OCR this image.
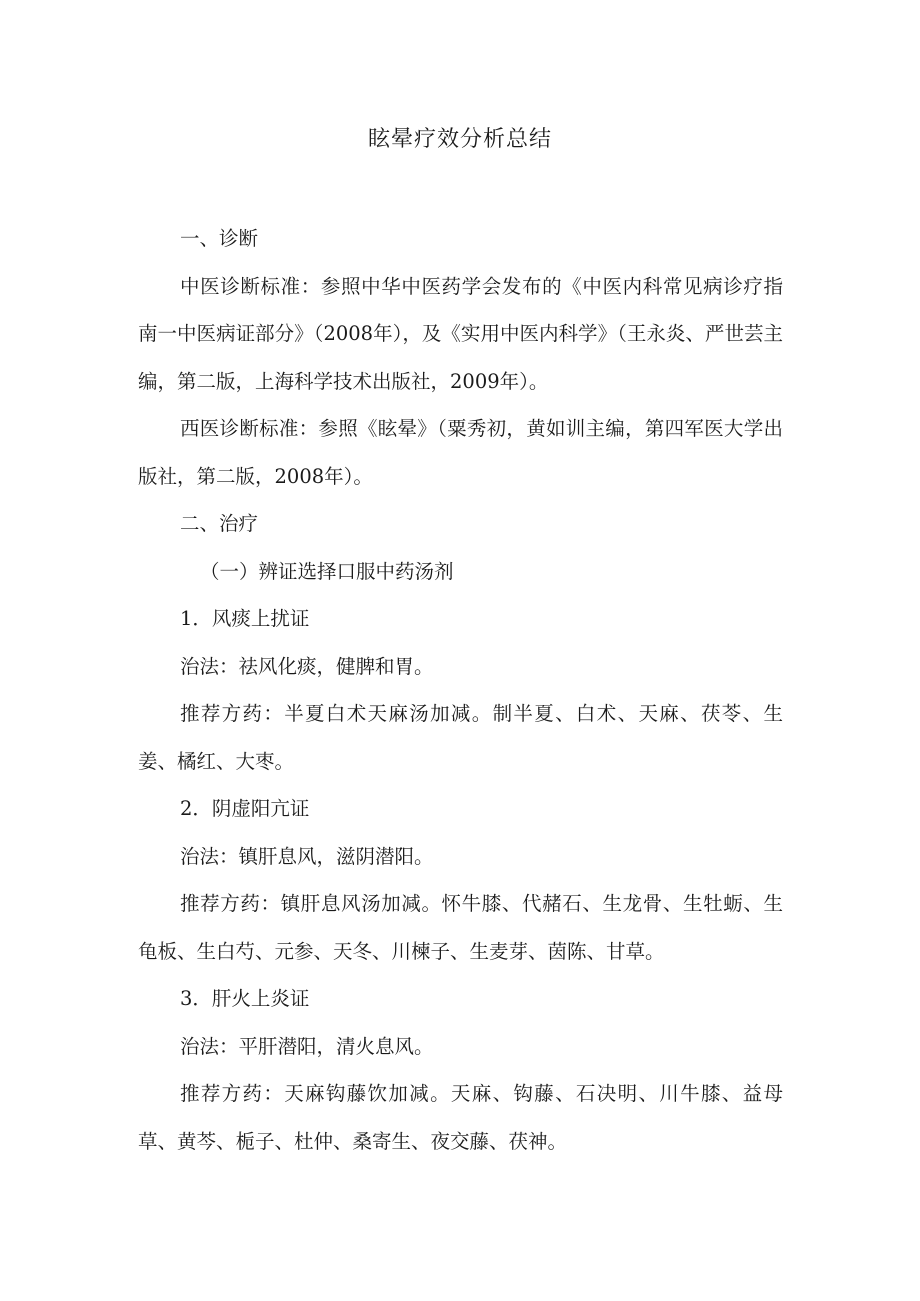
眩晕疗效分析总结

一、诊断

中医诊断标准：参照中华中医药学会发布的《中医内科常见病诊疗指南一中医病证部分》（2008年），及《实用中医内科学》（王永炎、严世芸主编，第二版，上海科学技术出版社，2009年）。

西医诊断标准：参照《眩晕》（粟秀初，黄如训主编，第四军医大学出版社，第二版，2008年）。

二、治疗

（一）辨证选择口服中药汤剂

1．风痰上扰证

治法：祛风化痰，健脾和胃。

推荐方药：半夏白术天麻汤加减。制半夏、白术、天麻、茯苓、生姜、橘红、大枣。

2．阴虚阳亢证

治法：镇肝息风，滋阴潜阳。

推荐方药：镇肝息风汤加减。怀牛膝、代赭石、生龙骨、生牡蛎、生龟板、生白芍、元参、天冬、川楝子、生麦芽、茵陈、甘草。

3．肝火上炎证

治法：平肝潜阳，清火息风。

推荐方药：天麻钩藤饮加减。天麻、钩藤、石决明、川牛膝、益母草、黄芩、栀子、杜仲、桑寄生、夜交藤、茯神。
